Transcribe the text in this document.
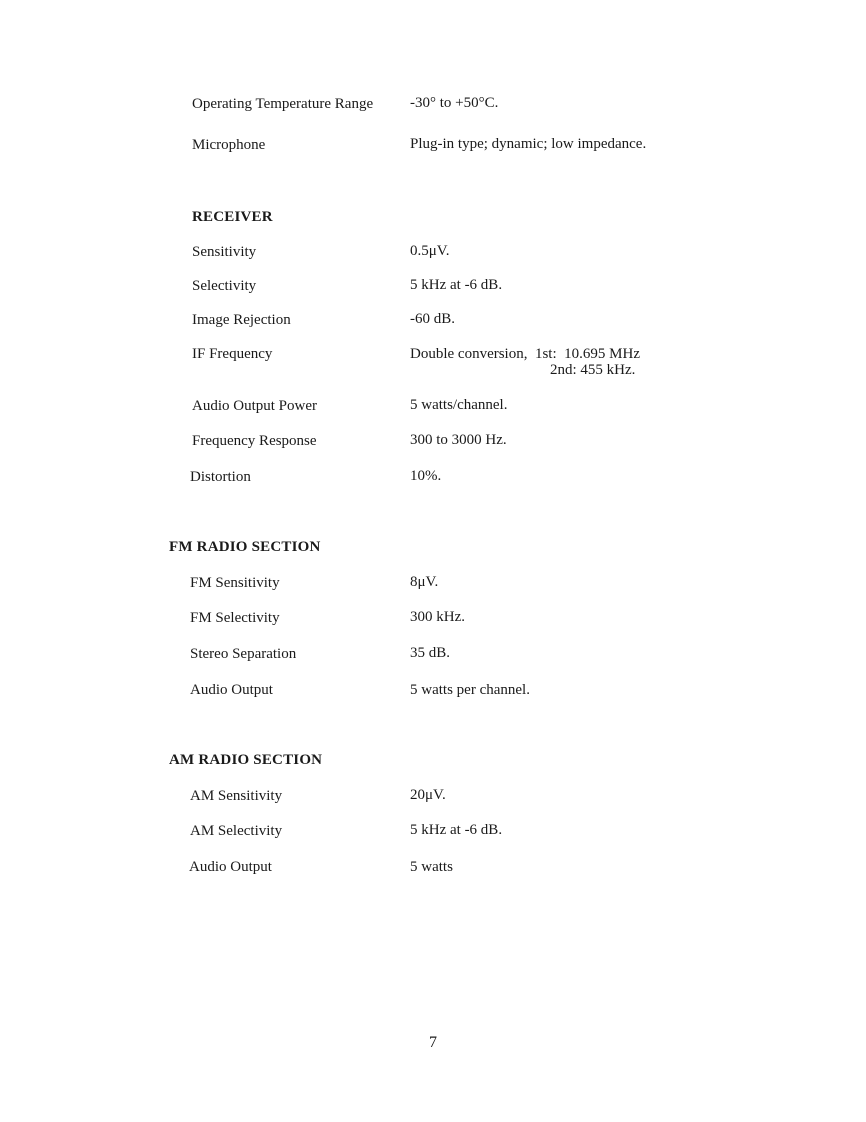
Operating Temperature Range -30° to +50°C.
Microphone	Plug-in type; dynamic; low impedance.
RECEIVER
Sensitivity	0.5μV.
Selectivity	5 kHz at -6 dB.
Image Rejection	-60 dB.
IF Frequency	Double conversion,  1st:  10.695 MHz
2nd: 455 kHz.
Audio Output Power	5 watts/channel.
Frequency Response	300 to 3000 Hz.
Distortion	10%.
FM RADIO SECTION
FM Sensitivity	8μV.
FM Selectivity	300 kHz.
Stereo Separation	35 dB.
Audio Output	5 watts per channel.
AM RADIO SECTION
AM Sensitivity	20μV.
AM Selectivity	5 kHz at -6 dB.
Audio Output	5 watts
7
